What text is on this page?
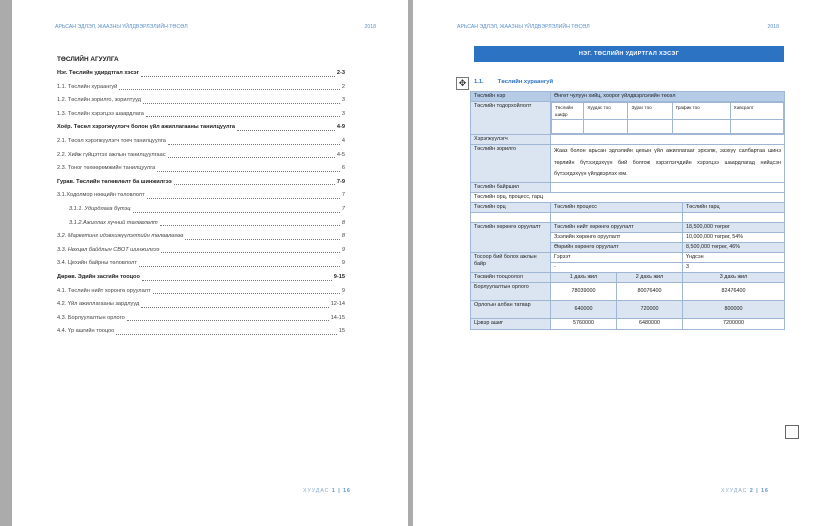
АРЬСАН ЭДЛЭЛ, ЖААЗНЫ ҮЙЛДВЭРЛЭЛИЙН ТӨСӨЛ	2018
ТӨСЛИЙН АГУУЛГА
Нэг. Төслийн удирдтгал хэсэг	2-3
1.1. Төслийн хураангуй	2
1.2. Төслийн зорилго, зорилтууд	3
1.3. Төслийн хэрэгцээ шаардлага	3
Хоёр. Төсөл хэрэгжүүлэгч болон үйл ажиллагааны танилцуулга	4-9
2.1. Төсөл хэрэгжүүлэгч тоеч танилцуулга	4
2.2. Хийж гүйцэтгэх ажлын танилцуулгаас	4-5
2.3. Тоног төхөөрөмжийн танилцуулга	6
Гурав. Төслийн төлөвлөлт ба шинжилгээ	7-9
3.1.Ходолмор нөөцийн төловлолт	7
3.1.1. Удирдлага бүтэц	7
3.1.2.Ажиллах хүчний төлөвлөлт	8
3.2. Маркетинг идэвхижүүлэлтийн төлөвлөгөө	8
3.3. Нөхцөл байдлын СВОТ шинжилгээ	9
3.4. Цехийн байрны төловлолт	9
Дөрөв. Эдийн засгийн тооцоо	9-15
4.1. Төслийн нийт хоронгө оруулалт	9
4.2. Үйл ажиллагааны зардлууд	12-14
4.3. Борлуулалтын орлого	14-15
4.4. Үр ашгийн тооцоо	15
ХУУДАС 1 | 16
АРЬСАН ЭДЛЭЛ, ЖААЗНЫ ҮЙЛДВЭРЛЭЛИЙН ТӨСӨЛ	2018
НЭГ. ТӨСЛИЙН УДИРТГАЛ ХЭСЭГ
✥	1.1. Төслийн хураангуй
Төслийн нэр	Өнгөт чулуун хийц, хоорог үйлдвэрлэлийн төсөл
Төслийн тодорхойлолт		Төслийн шифр	Хуудас тоо	Зураг тоо	График тоо	Хавсралт

Хэрэгжүүлэгч	
Төслийн зорилго	Жааз болон арьсан эдлэлийн цехын үйл ажиллагааг эрхэлж, эзэхүү салбартаа шинэ төрлийн бүтээгдэхүүн бий болгож хэрэглэгчдийн хэрэгцээ шаардлагад нийцсэн бүтээгдэхүүн үйлдвэрлэх юм.
Төслийн байршил	
Төслийн орц, процесс, гарц
Төслийн орц	Төслийн процесс	Төслийн гарц

Төслийн хөрөнгө оруулалт	Төслийн нийт хөрөнгө оруулалт	18,500,000 төгрөг
Зээлийн хөрөнгө оруулалт	10,000,000 төгрөг, 54%
Өөрийн хөрөнгө оруулалт	8,500,000 төгрөг, 46%
Тосоор бий болох ажлын байр	Гэрээт	Үндсэн
-	3
Төсвийн тооцоолол	1 дахь жил	2 дахь жил	3 дахь жил
Борлуулалтын орлого	78039000	80076400	82476400
Орлогын албан татвар	640000	720000	800000
Цэвэр ашиг	5760000	6480000	7200000
ХУУДАС 2 | 16
